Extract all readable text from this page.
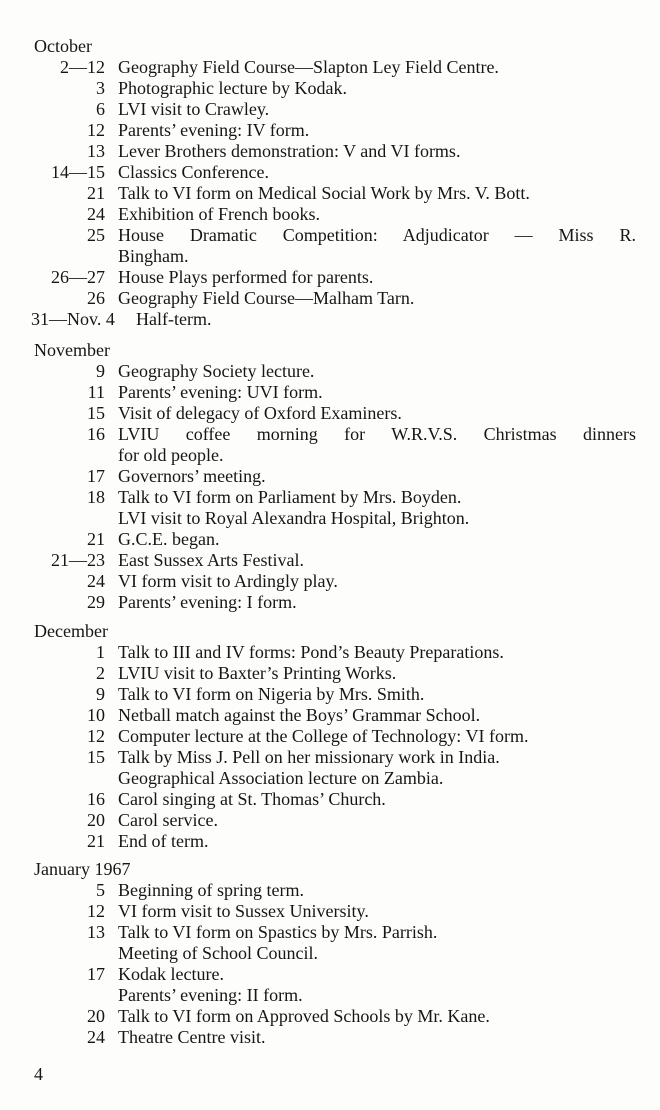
October
2—12 Geography Field Course—Slapton Ley Field Centre.
3 Photographic lecture by Kodak.
6 LVI visit to Crawley.
12 Parents’ evening: IV form.
13 Lever Brothers demonstration: V and VI forms.
14—15 Classics Conference.
21 Talk to VI form on Medical Social Work by Mrs. V. Bott.
24 Exhibition of French books.
25 House Dramatic Competition: Adjudicator — Miss R.
Bingham.
26—27 House Plays performed for parents.
26 Geography Field Course—Malham Tarn.
31—Nov. 4 Half-term.
November
9 Geography Society lecture.
11 Parents’ evening: UVI form.
15 Visit of delegacy of Oxford Examiners.
16 LVIU coffee morning for W.R.V.S. Christmas dinners
for old people.
17 Governors’ meeting.
18 Talk to VI form on Parliament by Mrs. Boyden.
LVI visit to Royal Alexandra Hospital, Brighton.
21 G.C.E. began.
21—23 East Sussex Arts Festival.
24 VI form visit to Ardingly play.
29 Parents’ evening: I form.
December
1 Talk to III and IV forms: Pond’s Beauty Preparations.
2 LVIU visit to Baxter’s Printing Works.
9 Talk to VI form on Nigeria by Mrs. Smith.
10 Netball match against the Boys’ Grammar School.
12 Computer lecture at the College of Technology: VI form.
15 Talk by Miss J. Pell on her missionary work in India.
Geographical Association lecture on Zambia.
16 Carol singing at St. Thomas’ Church.
20 Carol service.
21 End of term.
January 1967
5 Beginning of spring term.
12 VI form visit to Sussex University.
13 Talk to VI form on Spastics by Mrs. Parrish.
Meeting of School Council.
17 Kodak lecture.
Parents’ evening: II form.
20 Talk to VI form on Approved Schools by Mr. Kane.
24 Theatre Centre visit.
4
